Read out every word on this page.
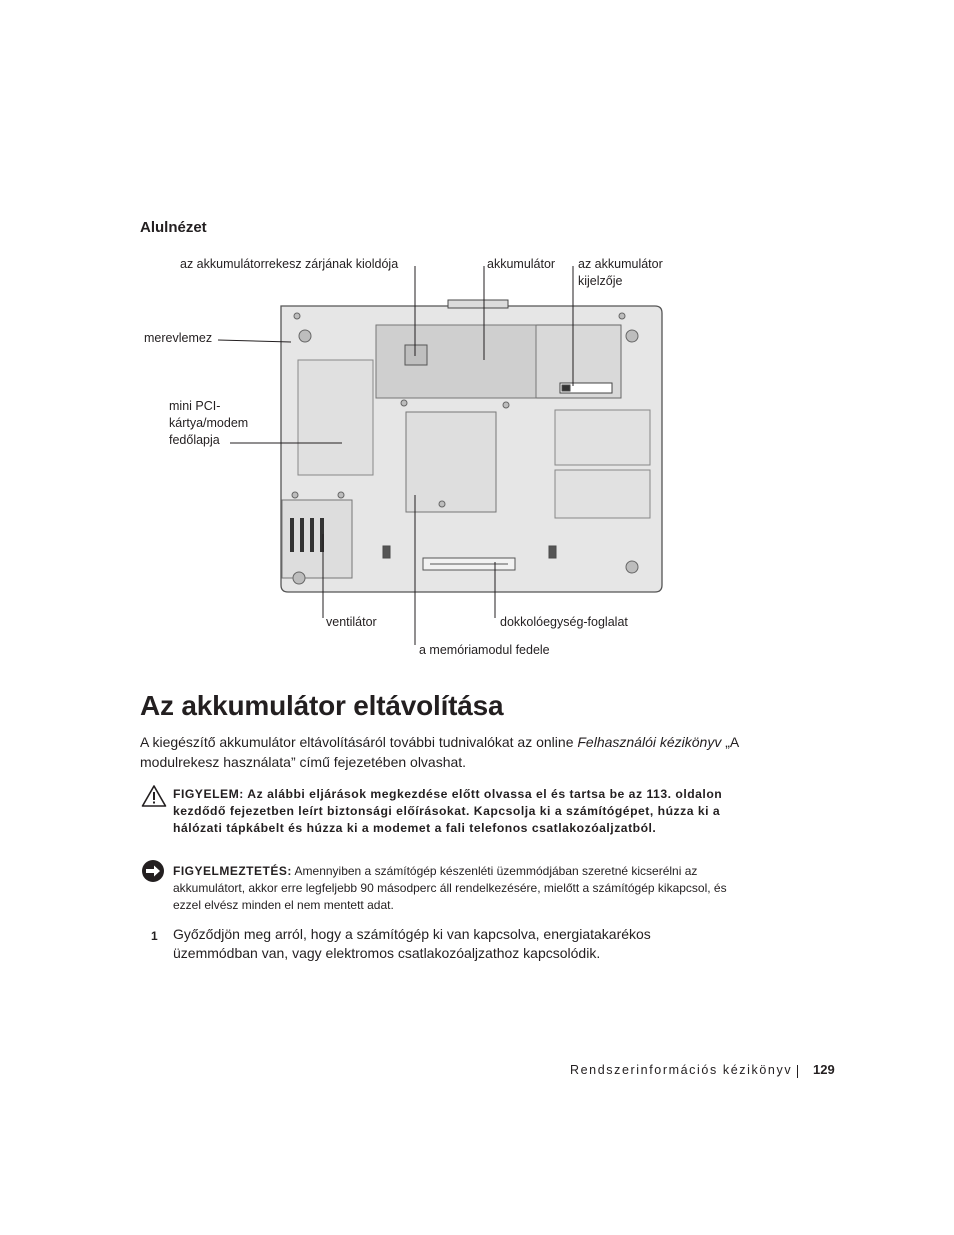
Alulnézet
az akkumulátorrekesz zárjának kioldója	akkumulátor az akkumulátor
kijelzője
merevlemez
mini PCI-
kártya/modem
fedőlapja
ventilátor	dokkolóegység-foglalat
a memóriamodul fedele
Az akkumulátor eltávolítása
A kiegészítő akkumulátor eltávolításáról további tudnivalókat az online Felhasználói kézikönyv „A modulrekesz használata” című fejezetében olvashat.
FIGYELEM: Az alábbi eljárások megkezdése előtt olvassa el és tartsa be az 113. oldalon kezdődő fejezetben leírt biztonsági előírásokat. Kapcsolja ki a számítógépet, húzza ki a hálózati tápkábelt és húzza ki a modemet a fali telefonos csatlakozóaljzatból.
FIGYELMEZTETÉS: Amennyiben a számítógép készenléti üzemmódjában szeretné kicserélni az akkumulátort, akkor erre legfeljebb 90 másodperc áll rendelkezésére, mielőtt a számítógép kikapcsol, és ezzel elvész minden el nem mentett adat.
1 Győződjön meg arról, hogy a számítógép ki van kapcsolva, energiatakarékos üzemmódban van, vagy elektromos csatlakozóaljzathoz kapcsolódik.
Rendszerinformációs kézikönyv 129
